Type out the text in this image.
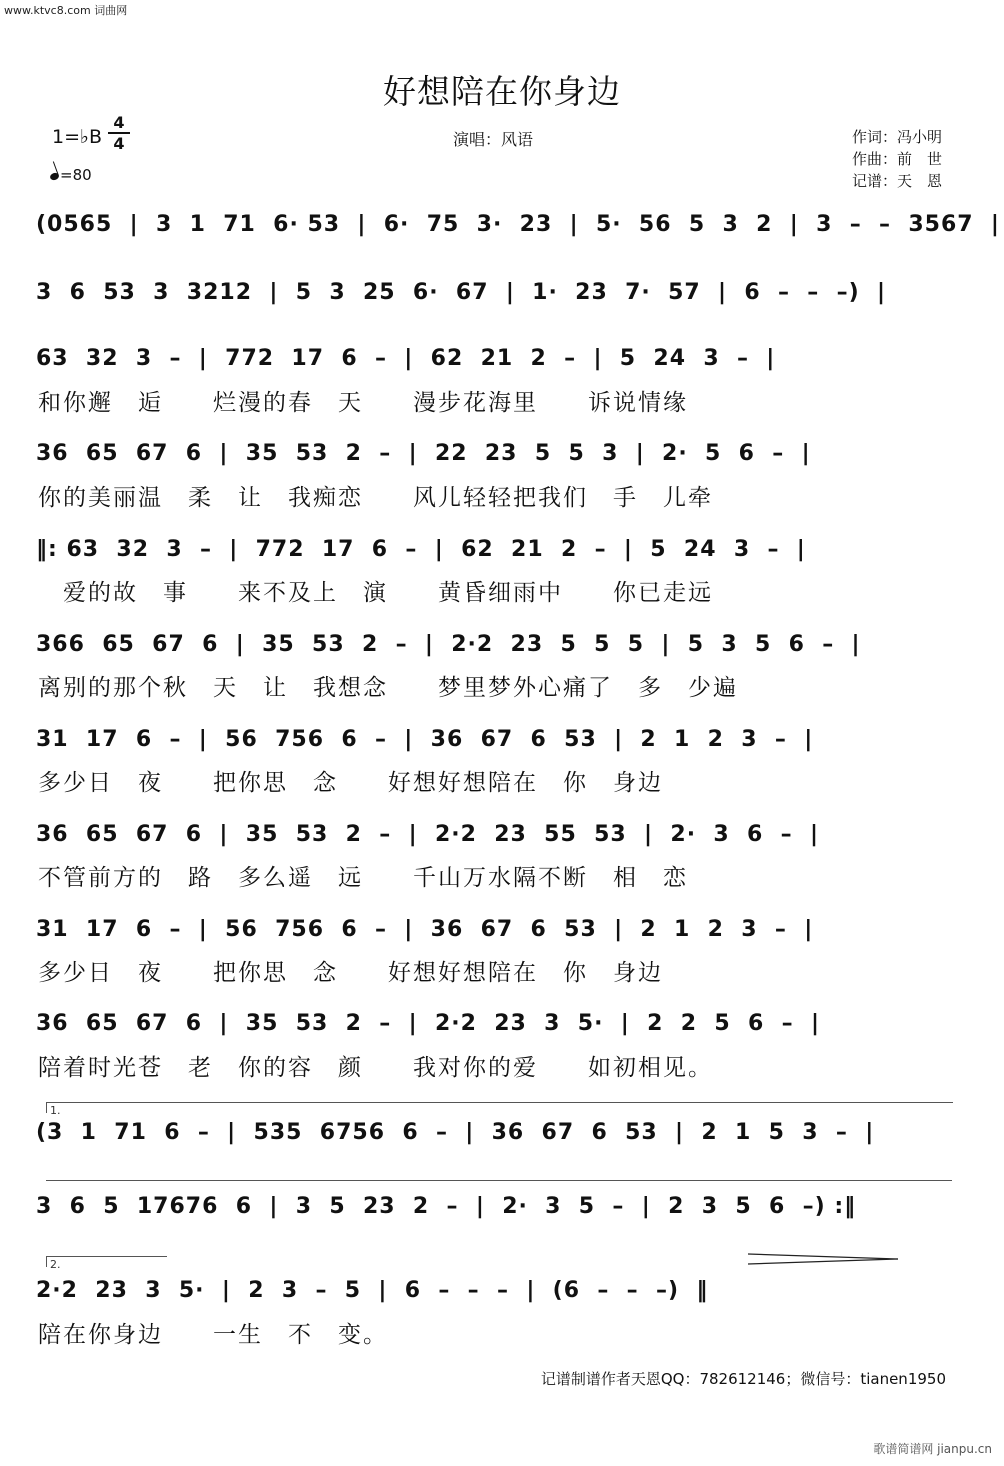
www.ktvc8.com 词曲网
好想陪在你身边
1=♭B
4
4
=80
演唱：风语	作词：冯小明
作曲：前　世
记谱：天　恩
(0565  |  3  1  71  6· 53  |  6·  75  3·  23  |  5·  56  5  3  2  |  3  –  –  3567  |
3  6  53  3  3212  |  5  3  25  6·  67  |  1·  23  7·  57  |  6  –  –  –)  |
63  32  3  –  |  772  17  6  –  |  62  21  2  –  |  5  24  3  –  |
和你邂　逅　　烂漫的春　天　　漫步花海里　　诉说情缘
36  65  67  6  |  35  53  2  –  |  22  23  5  5  3  |  2·  5  6  –  |
你的美丽温　柔　让　我痴恋　　风儿轻轻把我们　手　儿牵
‖: 63  32  3  –  |  772  17  6  –  |  62  21  2  –  |  5  24  3  –  |
　爱的故　事　　来不及上　演　　黄昏细雨中　　你已走远
366  65  67  6  |  35  53  2  –  |  2·2  23  5  5  5  |  5  3  5  6  –  |
离别的那个秋　天　让　我想念　　梦里梦外心痛了　多　少遍
31  17  6  –  |  56  756  6  –  |  36  67  6  53  |  2  1  2  3  –  |
多少日　夜　　把你思　念　　好想好想陪在　你　身边
36  65  67  6  |  35  53  2  –  |  2·2  23  55  53  |  2·  3  6  –  |
不管前方的　路　多么遥　远　　千山万水隔不断　相　恋
31  17  6  –  |  56  756  6  –  |  36  67  6  53  |  2  1  2  3  –  |
多少日　夜　　把你思　念　　好想好想陪在　你　身边
36  65  67  6  |  35  53  2  –  |  2·2  23  3  5·  |  2  2  5  6  –  |
陪着时光苍　老　你的容　颜　　我对你的爱　　如初相见。
1.
(3  1  71  6  –  |  535  6756  6  –  |  36  67  6  53  |  2  1  5  3  –  |
3  6  5  17676  6  |  3  5  23  2  –  |  2·  3  5  –  |  2  3  5  6  –) :‖
2.
2·2  23  3  5·  |  2  3  –  5  |  6  –  –  –  |  (6  –  –  –)  ‖
陪在你身边　　一生　不　变。
记谱制谱作者天恩QQ：782612146；微信号：tianen1950
歌谱简谱网 jianpu.cn
